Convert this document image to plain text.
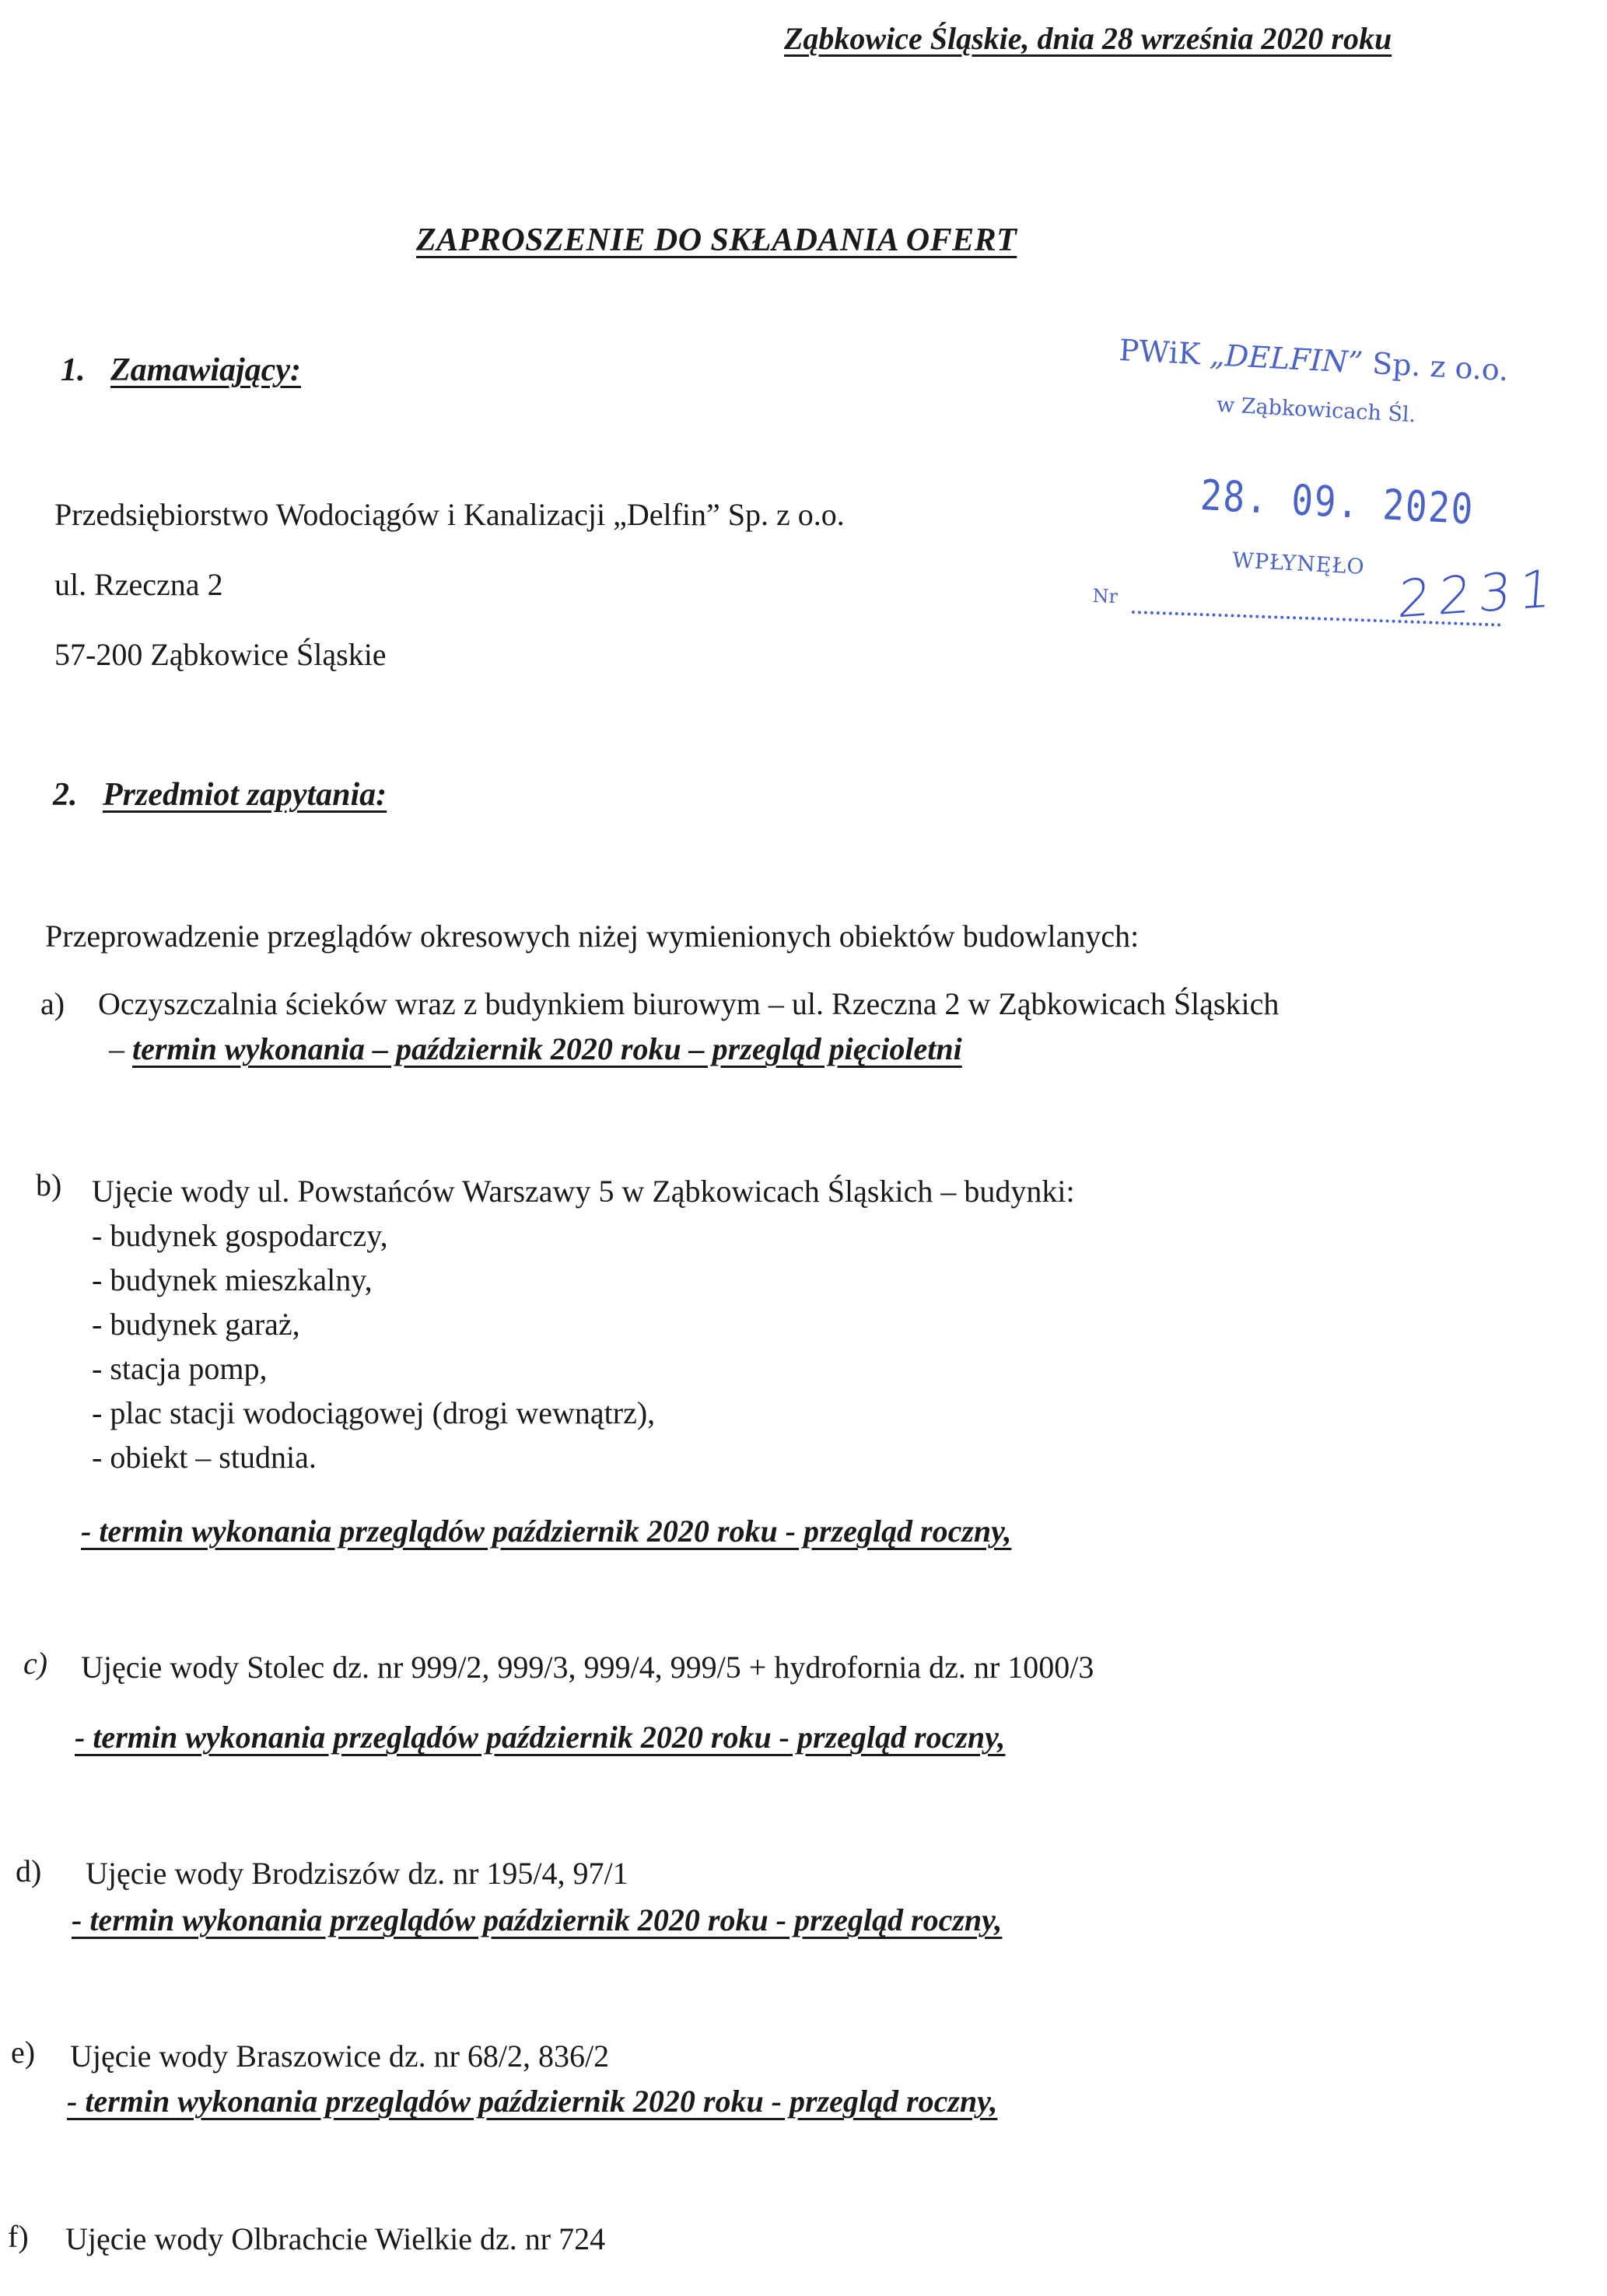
Ząbkowice Śląskie, dnia 28 września 2020 roku
ZAPROSZENIE DO SKŁADANIA OFERT
1. Zamawiający:
Przedsiębiorstwo Wodociągów i Kanalizacji „Delfin” Sp. z o.o.
ul. Rzeczna 2
57-200 Ząbkowice Śląskie
PWiK „DELFIN” Sp. z o.o.
w Ząbkowicach Śl.
28. 09. 2020
WPŁYNĘŁO
Nr	2231
2. Przedmiot zapytania:
Przeprowadzenie przeglądów okresowych niżej wymienionych obiektów budowlanych:
a) Oczyszczalnia ścieków wraz z budynkiem biurowym – ul. Rzeczna 2 w Ząbkowicach Śląskich
– termin wykonania – październik 2020 roku – przegląd pięcioletni
b) Ujęcie wody ul. Powstańców Warszawy 5 w Ząbkowicach Śląskich – budynki:
- budynek gospodarczy,
- budynek mieszkalny,
- budynek garaż,
- stacja pomp,
- plac stacji wodociągowej (drogi wewnątrz),
- obiekt – studnia.
- termin wykonania przeglądów październik 2020 roku - przegląd roczny,
c) Ujęcie wody Stolec dz. nr 999/2, 999/3, 999/4, 999/5 + hydrofornia dz. nr 1000/3
- termin wykonania przeglądów październik 2020 roku - przegląd roczny,
d) Ujęcie wody Brodziszów dz. nr 195/4, 97/1
- termin wykonania przeglądów październik 2020 roku - przegląd roczny,
e) Ujęcie wody Braszowice dz. nr 68/2, 836/2
- termin wykonania przeglądów październik 2020 roku - przegląd roczny,
f) Ujęcie wody Olbrachcie Wielkie dz. nr 724
